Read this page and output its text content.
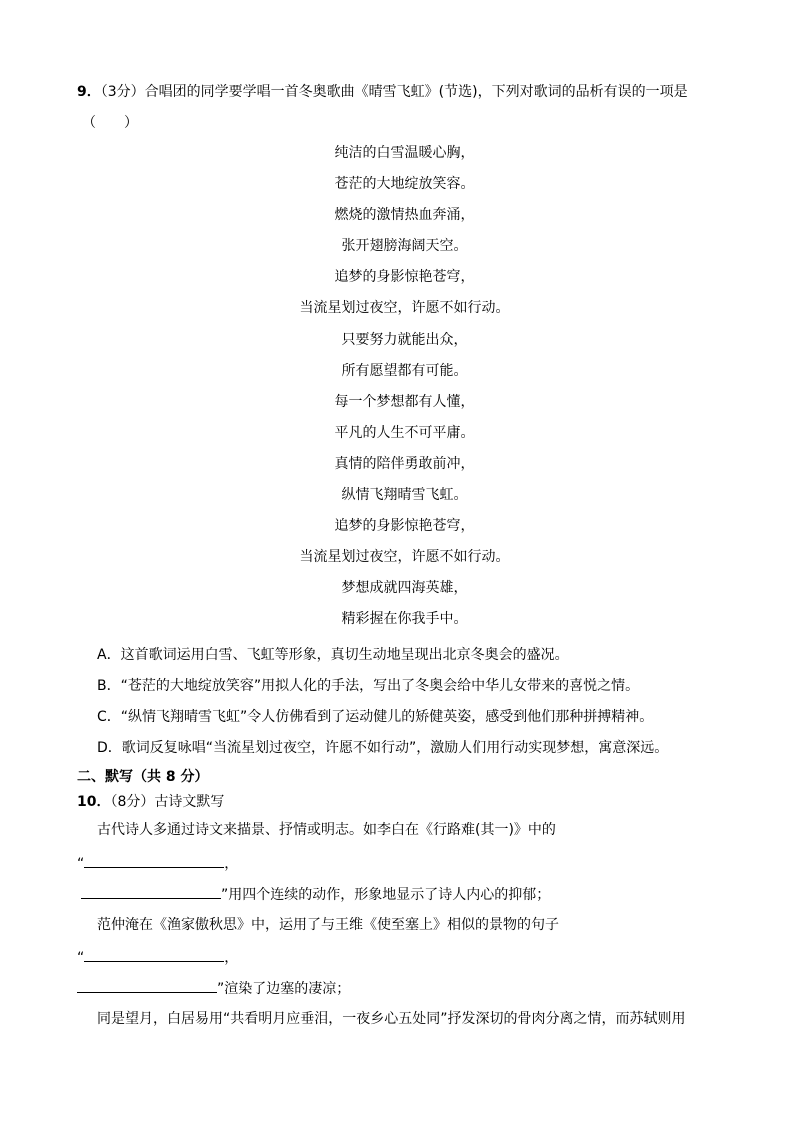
9．（3分）合唱团的同学要学唱一首冬奥歌曲《晴雪飞虹》(节选)，下列对歌词的品析有误的一项是
（　　）
纯洁的白雪温暖心胸，
苍茫的大地绽放笑容。
燃烧的激情热血奔涌，
张开翅膀海阔天空。
追梦的身影惊艳苍穹，
当流星划过夜空，许愿不如行动。
只要努力就能出众，
所有愿望都有可能。
每一个梦想都有人懂，
平凡的人生不可平庸。
真情的陪伴勇敢前冲，
纵情飞翔晴雪飞虹。
追梦的身影惊艳苍穹，
当流星划过夜空，许愿不如行动。
梦想成就四海英雄，
精彩握在你我手中。
A．这首歌词运用白雪、飞虹等形象，真切生动地呈现出北京冬奥会的盛况。
B．“苍茫的大地绽放笑容”用拟人化的手法，写出了冬奥会给中华儿女带来的喜悦之情。
C．“纵情飞翔晴雪飞虹”令人仿佛看到了运动健儿的矫健英姿，感受到他们那种拼搏精神。
D．歌词反复咏唱“当流星划过夜空，许愿不如行动”，激励人们用行动实现梦想，寓意深远。
二、默写（共 8 分）
10．（8分）古诗文默写
古代诗人多通过诗文来描景、抒情或明志。如李白在《行路难(其一)》中的
“	，
”用四个连续的动作，形象地显示了诗人内心的抑郁；
范仲淹在《渔家傲秋思》中，运用了与王维《使至塞上》相似的景物的句子
“	，
”渲染了边塞的凄凉；
同是望月，白居易用“共看明月应垂泪，一夜乡心五处同”抒发深切的骨肉分离之情，而苏轼则用
